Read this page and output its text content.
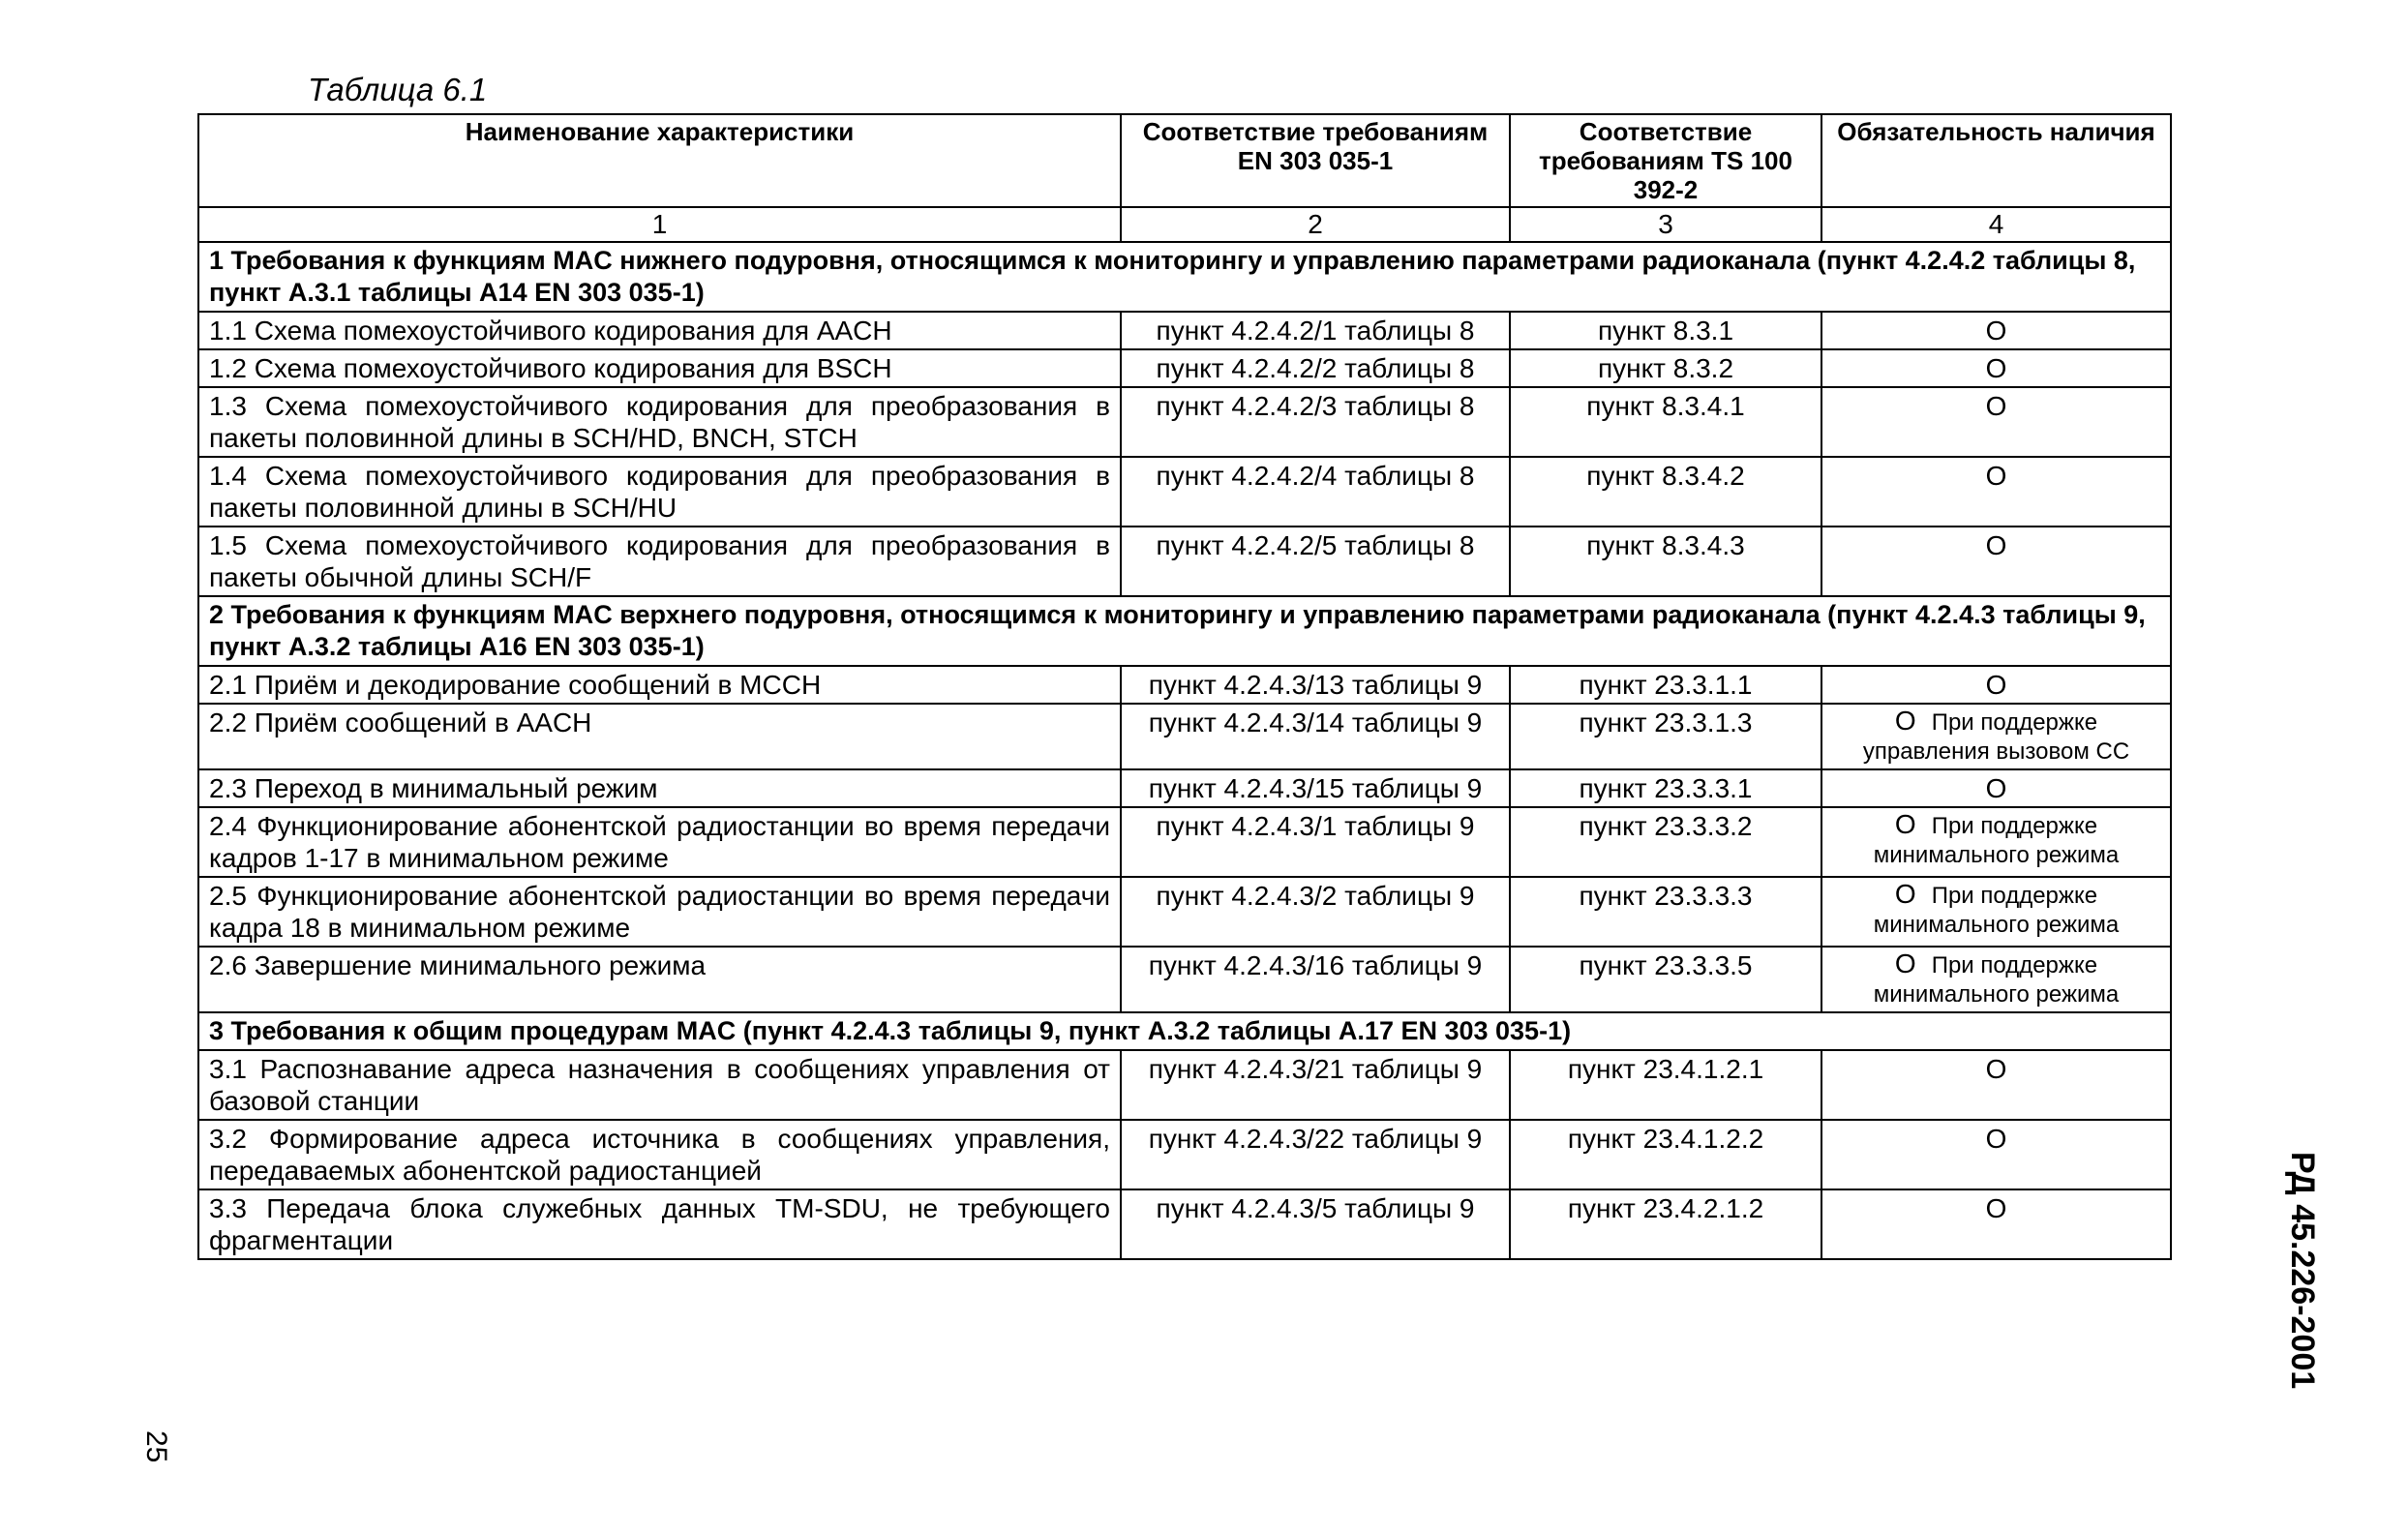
Таблица 6.1
Наименование характеристики	Соответствие требованиям EN 303 035-1	Соответствие требованиям TS 100 392-2	Обязательность наличия
1	2	3	4
1 Требования к функциям MAC нижнего подуровня, относящимся к мониторингу и управлению параметрами радиоканала (пункт 4.2.4.2 таблицы 8, пункт А.3.1 таблицы А14 EN 303 035-1)			
1.1 Схема помехоустойчивого кодирования для AACH	пункт 4.2.4.2/1 таблицы 8	пункт 8.3.1	O
1.2 Схема помехоустойчивого кодирования для BSCH	пункт 4.2.4.2/2 таблицы 8	пункт 8.3.2	O
1.3 Схема помехоустойчивого кодирования для преобразования в пакеты половинной длины в SCH/HD, BNCH, STCH	пункт 4.2.4.2/3 таблицы 8	пункт 8.3.4.1	O
1.4 Схема помехоустойчивого кодирования для преобразования в пакеты половинной длины в SCH/HU	пункт 4.2.4.2/4 таблицы 8	пункт 8.3.4.2	O
1.5 Схема помехоустойчивого кодирования для преобразования в пакеты обычной длины SCH/F	пункт 4.2.4.2/5 таблицы 8	пункт 8.3.4.3	O
2 Требования к функциям MAC верхнего подуровня, относящимся к мониторингу и управлению параметрами радиоканала (пункт 4.2.4.3 таблицы 9, пункт А.3.2 таблицы А16 EN 303 035-1)			
2.1 Приём и декодирование сообщений в MCCH	пункт 4.2.4.3/13 таблицы 9	пункт 23.3.1.1	O
2.2 Приём сообщений в AACH	пункт 4.2.4.3/14 таблицы 9	пункт 23.3.1.3	O При поддержке управления вызовом CC

2.3 Переход в минимальный режим	пункт 4.2.4.3/15 таблицы 9	пункт 23.3.3.1	O
2.4 Функционирование абонентской радиостанции во время передачи кадров 1-17 в минимальном режиме	пункт 4.2.4.3/1 таблицы 9	пункт 23.3.3.2	O При поддержке минимального режима

2.5 Функционирование абонентской радиостанции во время передачи кадра 18 в минимальном режиме	пункт 4.2.4.3/2 таблицы 9	пункт 23.3.3.3	O При поддержке минимального режима

2.6 Завершение минимального режима	пункт 4.2.4.3/16 таблицы 9	пункт 23.3.3.5	O При поддержке минимального режима

3 Требования к общим процедурам MAC (пункт 4.2.4.3 таблицы 9, пункт А.3.2 таблицы А.17 EN 303 035-1)			
3.1 Распознавание адреса назначения в сообщениях управления от базовой станции	пункт 4.2.4.3/21 таблицы 9	пункт 23.4.1.2.1	O
3.2 Формирование адреса источника в сообщениях управления, передаваемых абонентской радиостанцией	пункт 4.2.4.3/22 таблицы 9	пункт 23.4.1.2.2	O
3.3 Передача блока служебных данных TM-SDU, не требующего фрагментации	пункт 4.2.4.3/5 таблицы 9	пункт 23.4.2.1.2	O	РД 45.226-2001
25
